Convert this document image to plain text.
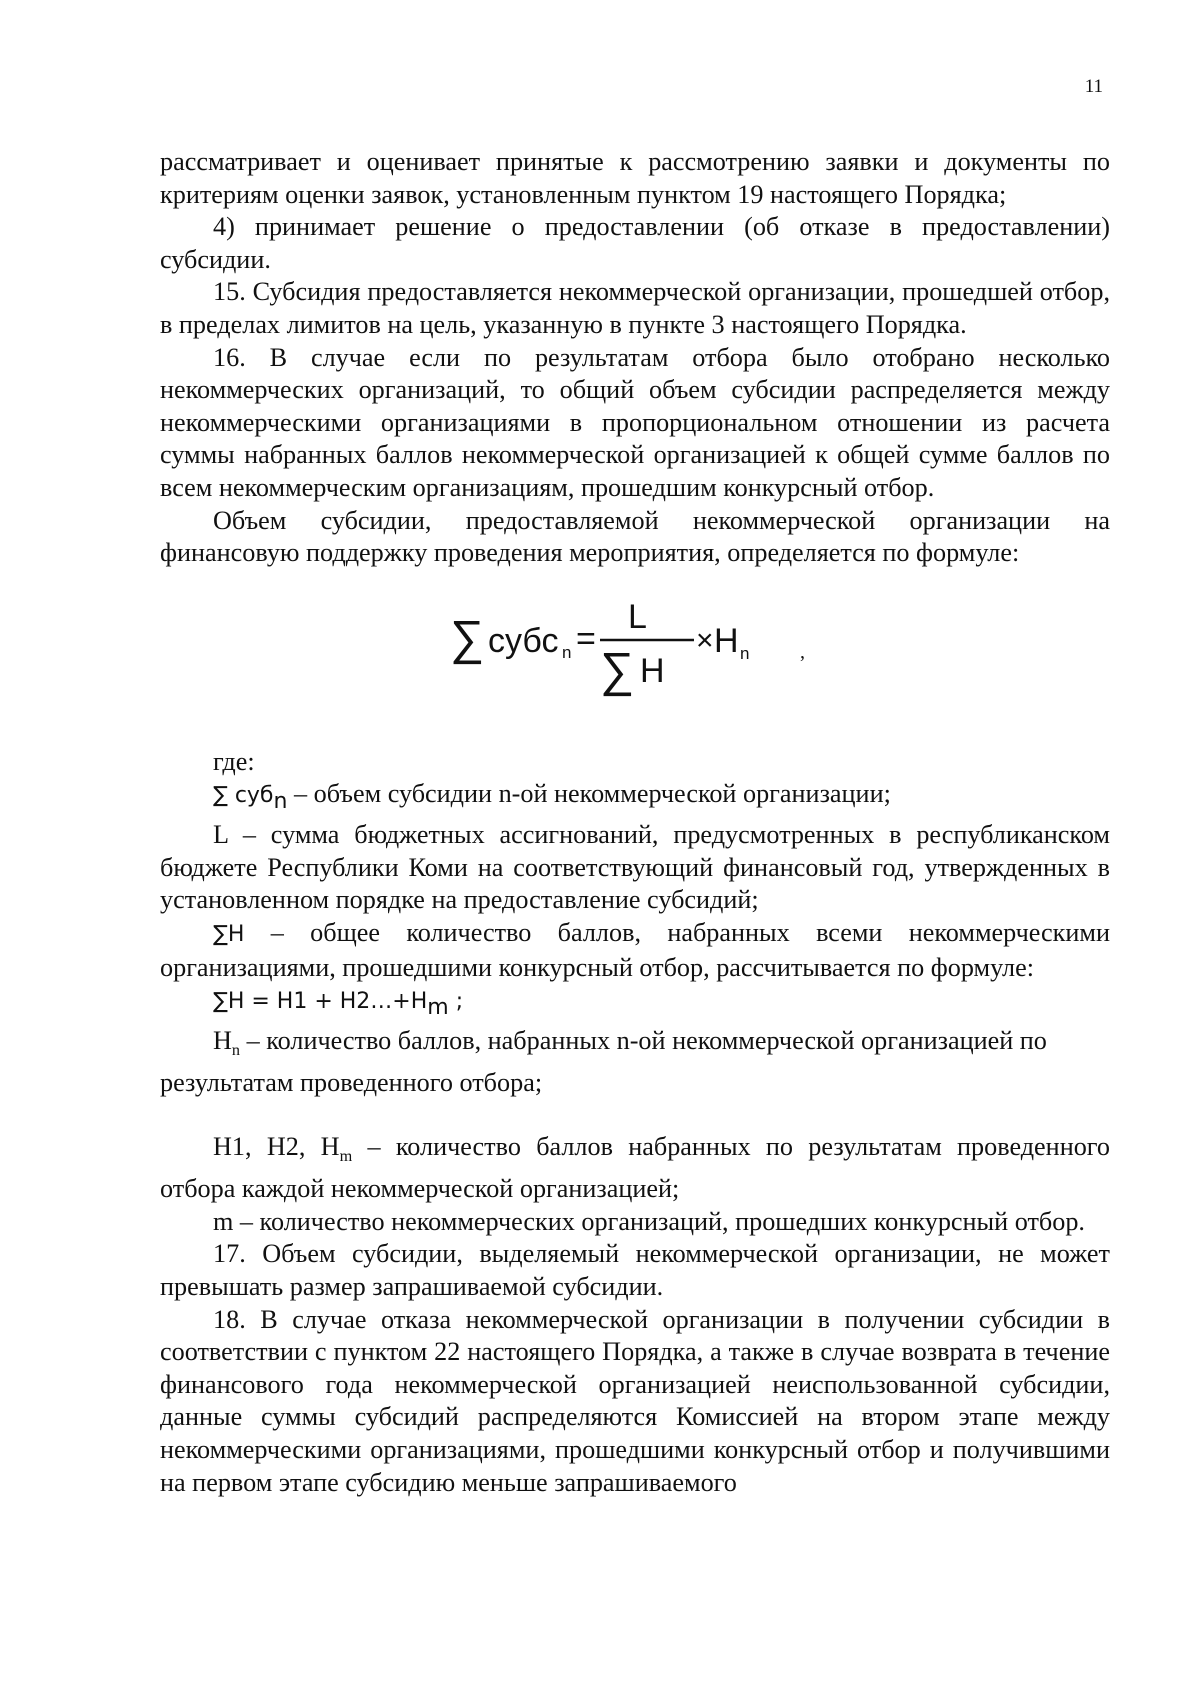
11

рассматривает и оценивает принятые к рассмотрению заявки и документы по критериям оценки заявок, установленным пунктом 19 настоящего Порядка;

4) принимает решение о предоставлении (об отказе в предоставлении) субсидии.

15. Субсидия предоставляется некоммерческой организации, прошедшей отбор, в пределах лимитов на цель, указанную в пункте 3 настоящего Порядка.

16. В случае если по результатам отбора было отобрано несколько некоммерческих организаций, то общий объем субсидии распределяется между некоммерческими организациями в пропорциональном отношении из расчета суммы набранных баллов некоммерческой организацией к общей сумме баллов по всем некоммерческим организациям, прошедшим конкурсный отбор.

Объем субсидии, предоставляемой некоммерческой организации на финансовую поддержку проведения мероприятия, определяется по формуле:

∑ субс n =
L
∑ Н
× Н n	,

где:

∑ суб$_n$ – объем субсидии n-ой некоммерческой организации;

L – сумма бюджетных ассигнований, предусмотренных в республиканском бюджете Республики Коми на соответствующий финансовый год, утвержденных в установленном порядке на предоставление субсидий;

∑Н – общее количество баллов, набранных всеми некоммерческими организациями, прошедшими конкурсный отбор, рассчитывается по формуле:

$\sum Н = Н1 + Н2\dots+Н_m$ ;

$Н_n$ – количество баллов, набранных n-ой некоммерческой организацией по результатам проведенного отбора;

Н1, Н2, $Н_m$ – количество баллов набранных по результатам проведенного отбора каждой некоммерческой организацией;

m – количество некоммерческих организаций, прошедших конкурсный отбор.

17. Объем субсидии, выделяемый некоммерческой организации, не может превышать размер запрашиваемой субсидии.

18. В случае отказа некоммерческой организации в получении субсидии в соответствии с пунктом 22 настоящего Порядка, а также в случае возврата в течение финансового года некоммерческой организацией неиспользованной субсидии, данные суммы субсидий распределяются Комиссией на втором этапе между некоммерческими организациями, прошедшими конкурсный отбор и получившими на первом этапе субсидию меньше запрашиваемого
